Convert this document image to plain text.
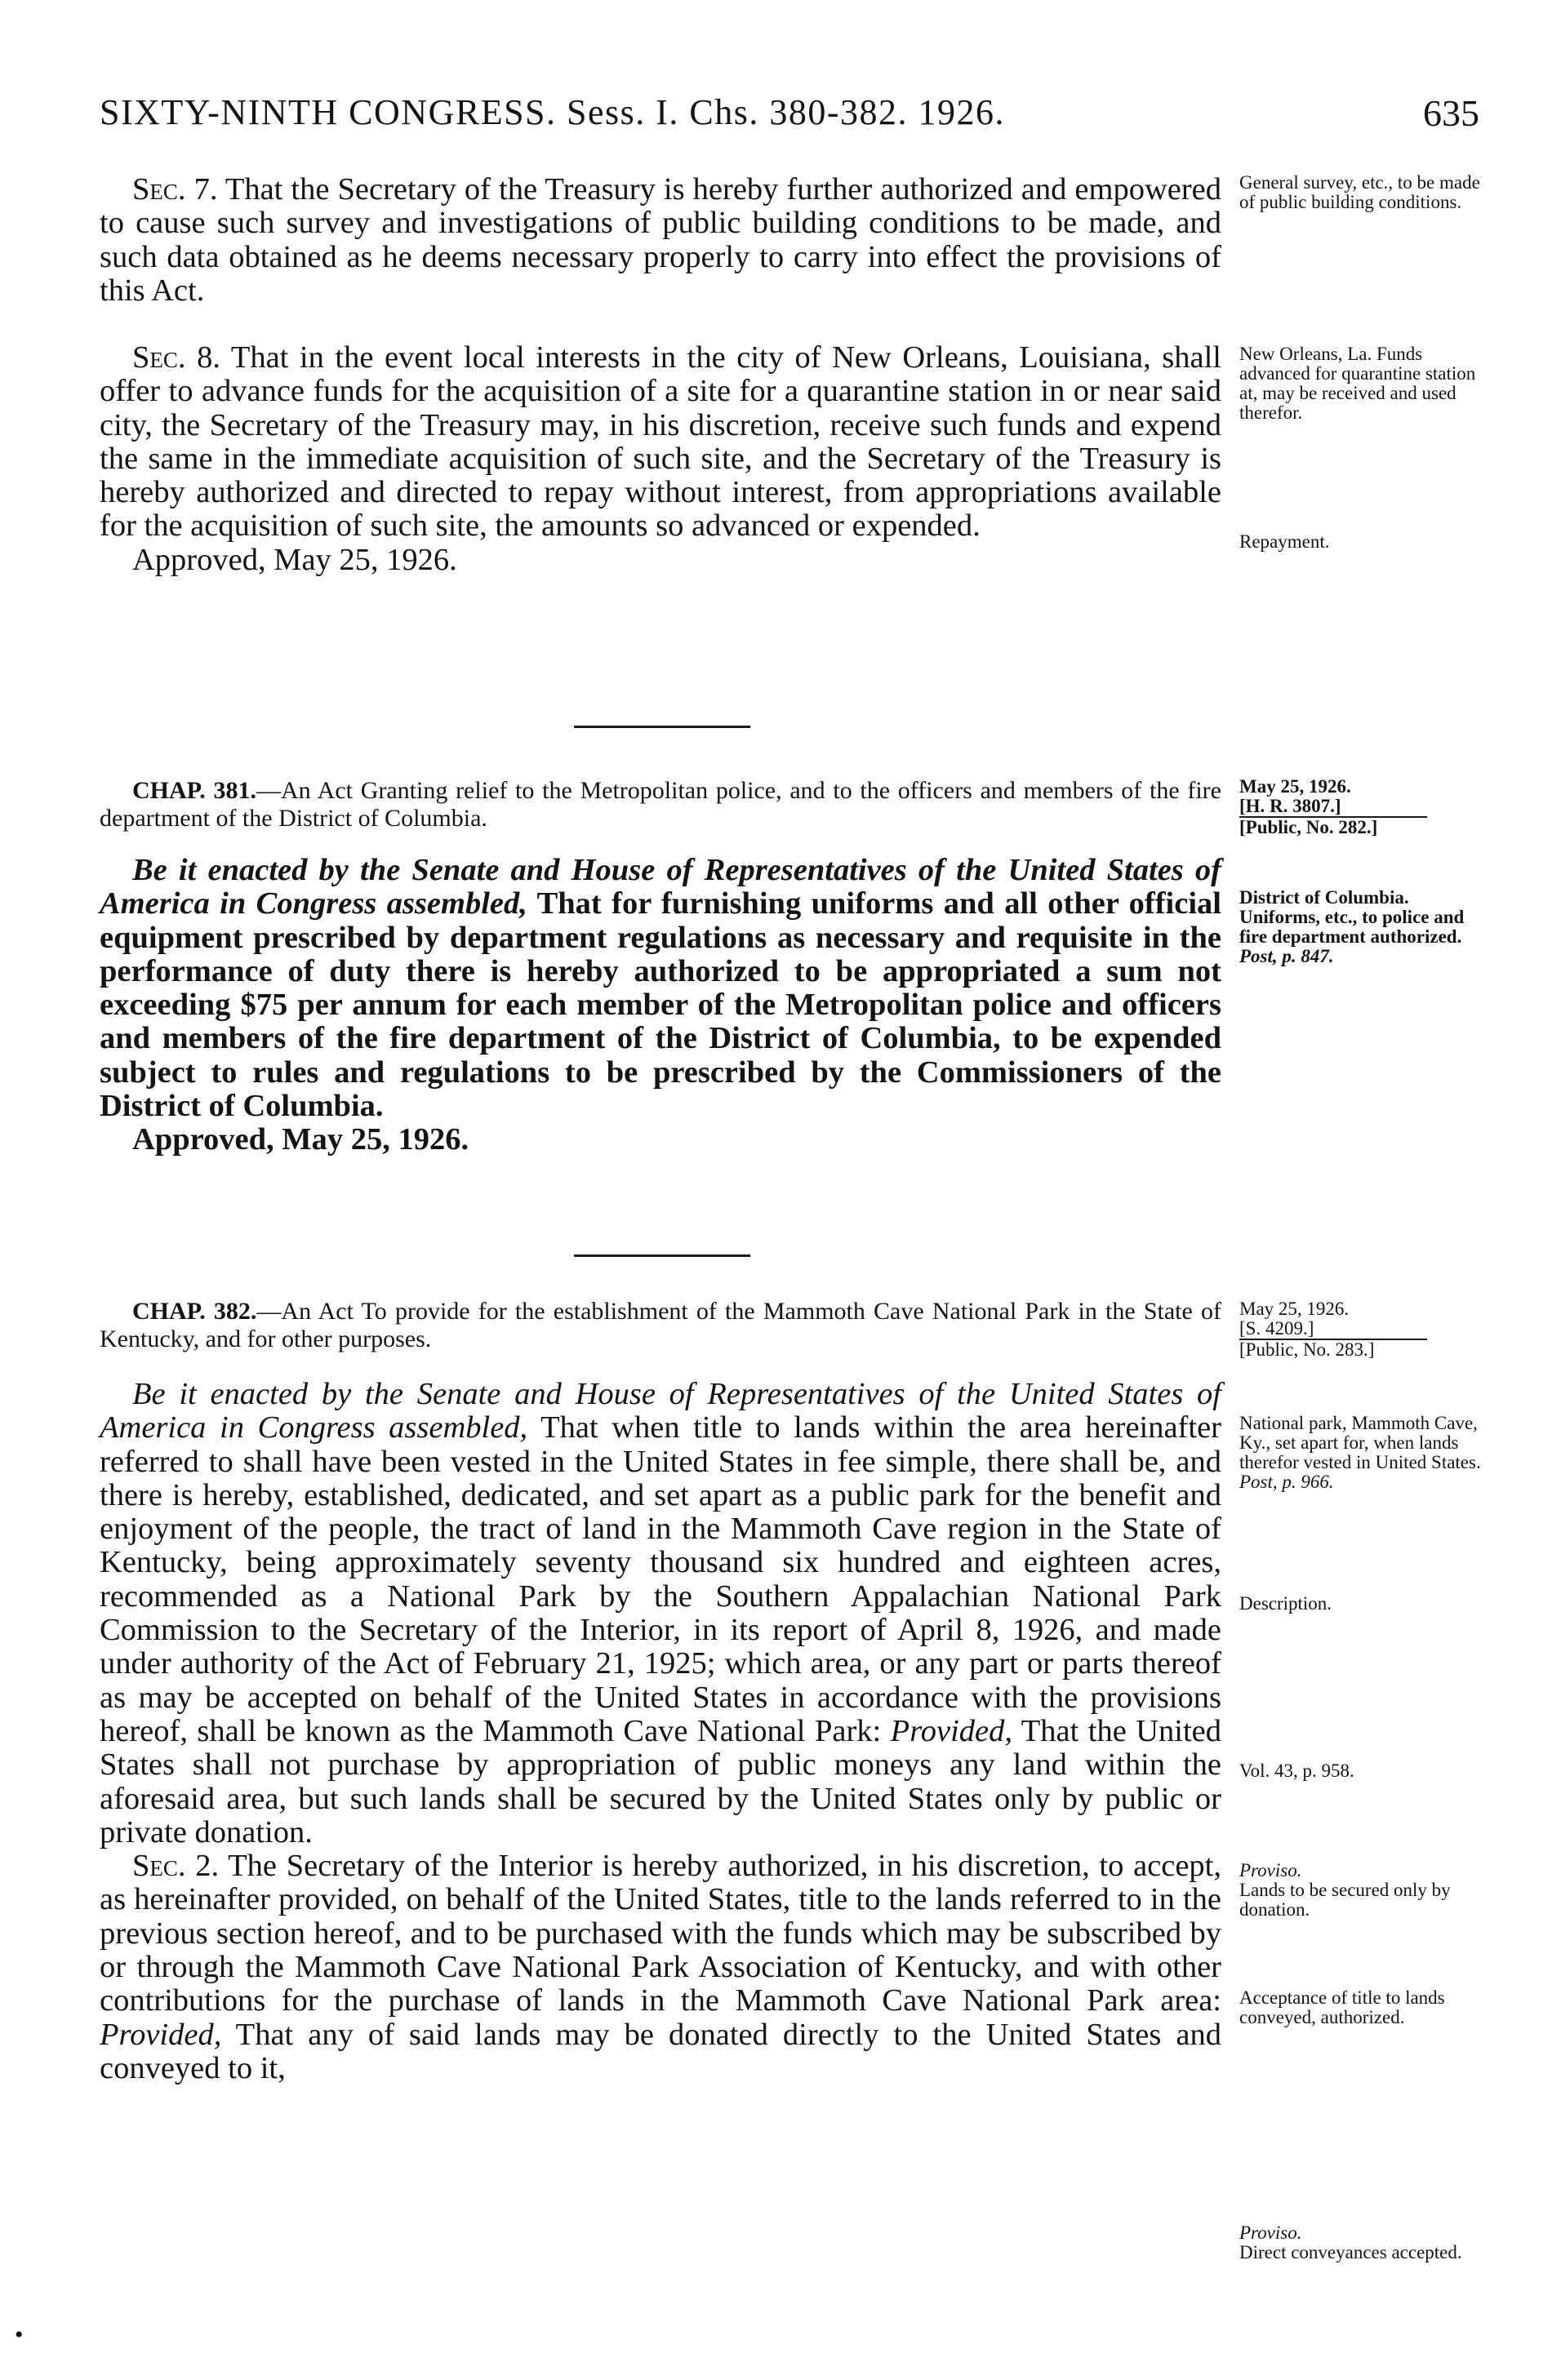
SIXTY-NINTH CONGRESS. Sess. I. Chs. 380-382. 1926.	635

Sec. 7. That the Secretary of the Treasury is hereby further authorized and empowered to cause such survey and investigations of public building conditions to be made, and such data obtained as he deems necessary properly to carry into effect the provisions of this Act.

General survey, etc., to be made of public building conditions.

Sec. 8. That in the event local interests in the city of New Orleans, Louisiana, shall offer to advance funds for the acquisition of a site for a quarantine station in or near said city, the Secretary of the Treasury may, in his discretion, receive such funds and expend the same in the immediate acquisition of such site, and the Secretary of the Treasury is hereby authorized and directed to repay without interest, from appropriations available for the acquisition of such site, the amounts so advanced or expended.

Approved, May 25, 1926.

New Orleans, La. Funds advanced for quarantine station at, may be received and used therefor.
Repayment.

CHAP. 381.—An Act Granting relief to the Metropolitan police, and to the officers and members of the fire department of the District of Columbia.

Be it enacted by the Senate and House of Representatives of the United States of America in Congress assembled, That for furnishing uniforms and all other official equipment prescribed by department regulations as necessary and requisite in the performance of duty there is hereby authorized to be appropriated a sum not exceeding $75 per annum for each member of the Metropolitan police and officers and members of the fire department of the District of Columbia, to be expended subject to rules and regulations to be prescribed by the Commissioners of the District of Columbia.

Approved, May 25, 1926.

May 25, 1926.
[H. R. 3807.]
[Public, No. 282.]
District of Columbia. Uniforms, etc., to police and fire department authorized.
Post, p. 847.

CHAP. 382.—An Act To provide for the establishment of the Mammoth Cave National Park in the State of Kentucky, and for other purposes.

Be it enacted by the Senate and House of Representatives of the United States of America in Congress assembled, That when title to lands within the area hereinafter referred to shall have been vested in the United States in fee simple, there shall be, and there is hereby, established, dedicated, and set apart as a public park for the benefit and enjoyment of the people, the tract of land in the Mammoth Cave region in the State of Kentucky, being approximately seventy thousand six hundred and eighteen acres, recommended as a National Park by the Southern Appalachian National Park Commission to the Secretary of the Interior, in its report of April 8, 1926, and made under authority of the Act of February 21, 1925; which area, or any part or parts thereof as may be accepted on behalf of the United States in accordance with the provisions hereof, shall be known as the Mammoth Cave National Park: Provided, That the United States shall not purchase by appropriation of public moneys any land within the aforesaid area, but such lands shall be secured by the United States only by public or private donation.

Sec. 2. The Secretary of the Interior is hereby authorized, in his discretion, to accept, as hereinafter provided, on behalf of the United States, title to the lands referred to in the previous section hereof, and to be purchased with the funds which may be subscribed by or through the Mammoth Cave National Park Association of Kentucky, and with other contributions for the purchase of lands in the Mammoth Cave National Park area: Provided, That any of said lands may be donated directly to the United States and conveyed to it,

May 25, 1926.
[S. 4209.]
[Public, No. 283.]
National park, Mammoth Cave, Ky., set apart for, when lands therefor vested in United States.
Post, p. 966.
Description.
Vol. 43, p. 958.
Proviso.
Lands to be secured only by donation.
Acceptance of title to lands conveyed, authorized.
Proviso.
Direct conveyances accepted.
•
